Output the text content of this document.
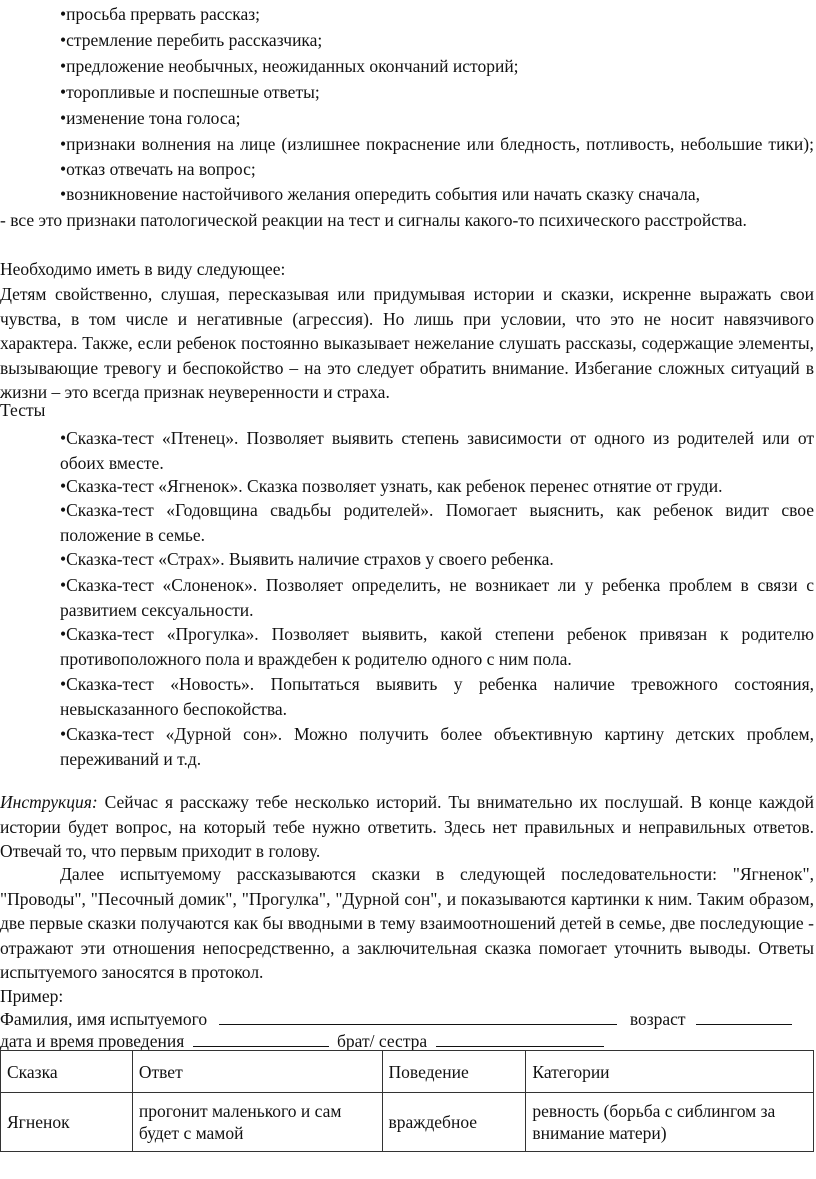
•просьба прервать рассказ;
•стремление перебить рассказчика;
•предложение необычных, неожиданных окончаний историй;
•торопливые и поспешные ответы;
•изменение тона голоса;
•признаки волнения на лице (излишнее покраснение или бледность, потливость, небольшие тики); •отказ отвечать на вопрос;
•возникновение настойчивого желания опередить события или начать сказку сначала,
- все это признаки патологической реакции на тест и сигналы какого-то психического расстройства.
Необходимо иметь в виду следующее:
Детям свойственно, слушая, пересказывая или придумывая истории и сказки, искренне выражать свои чувства, в том числе и негативные (агрессия). Но лишь при условии, что это не носит навязчивого характера. Также, если ребенок постоянно выказывает нежелание слушать рассказы, содержащие элементы, вызывающие тревогу и беспокойство – на это следует обратить внимание. Избегание сложных ситуаций в жизни – это всегда признак неуверенности и страха.
Тесты
•Сказка-тест «Птенец». Позволяет выявить степень зависимости от одного из родителей или от обоих вместе.
•Сказка-тест «Ягненок». Сказка позволяет узнать, как ребенок перенес отнятие от груди.
•Сказка-тест «Годовщина свадьбы родителей». Помогает выяснить, как ребенок видит свое положение в семье.
•Сказка-тест «Страх». Выявить наличие страхов у своего ребенка.
•Сказка-тест «Слоненок». Позволяет определить, не возникает ли у ребенка проблем в связи с развитием сексуальности.
•Сказка-тест «Прогулка». Позволяет выявить, какой степени ребенок привязан к родителю противоположного пола и враждебен к родителю одного с ним пола.
•Сказка-тест «Новость». Попытаться выявить у ребенка наличие тревожного состояния, невысказанного беспокойства.
•Сказка-тест «Дурной сон». Можно получить более объективную картину детских проблем, переживаний и т.д.
Инструкция: Сейчас я расскажу тебе несколько историй. Ты внимательно их послушай. В конце каждой истории будет вопрос, на который тебе нужно ответить. Здесь нет правильных и неправильных ответов. Отвечай то, что первым приходит в голову.
Далее испытуемому рассказываются сказки в следующей последовательности: "Ягненок", "Проводы", "Песочный домик", "Прогулка", "Дурной сон", и показываются картинки к ним. Таким образом, две первые сказки получаются как бы вводными в тему взаимоотношений детей в семье, две последующие - отражают эти отношения непосредственно, а заключительная сказка помогает уточнить выводы. Ответы испытуемого заносятся в протокол.
Пример:
Фамилия, имя испытуемого	возраст
дата и время проведения	брат/ сестра
Сказка	Ответ	Поведение	Категории
Ягненок	прогонит маленького и сам будет с мамой	враждебное	ревность (борьба с сиблингом за внимание матери)
